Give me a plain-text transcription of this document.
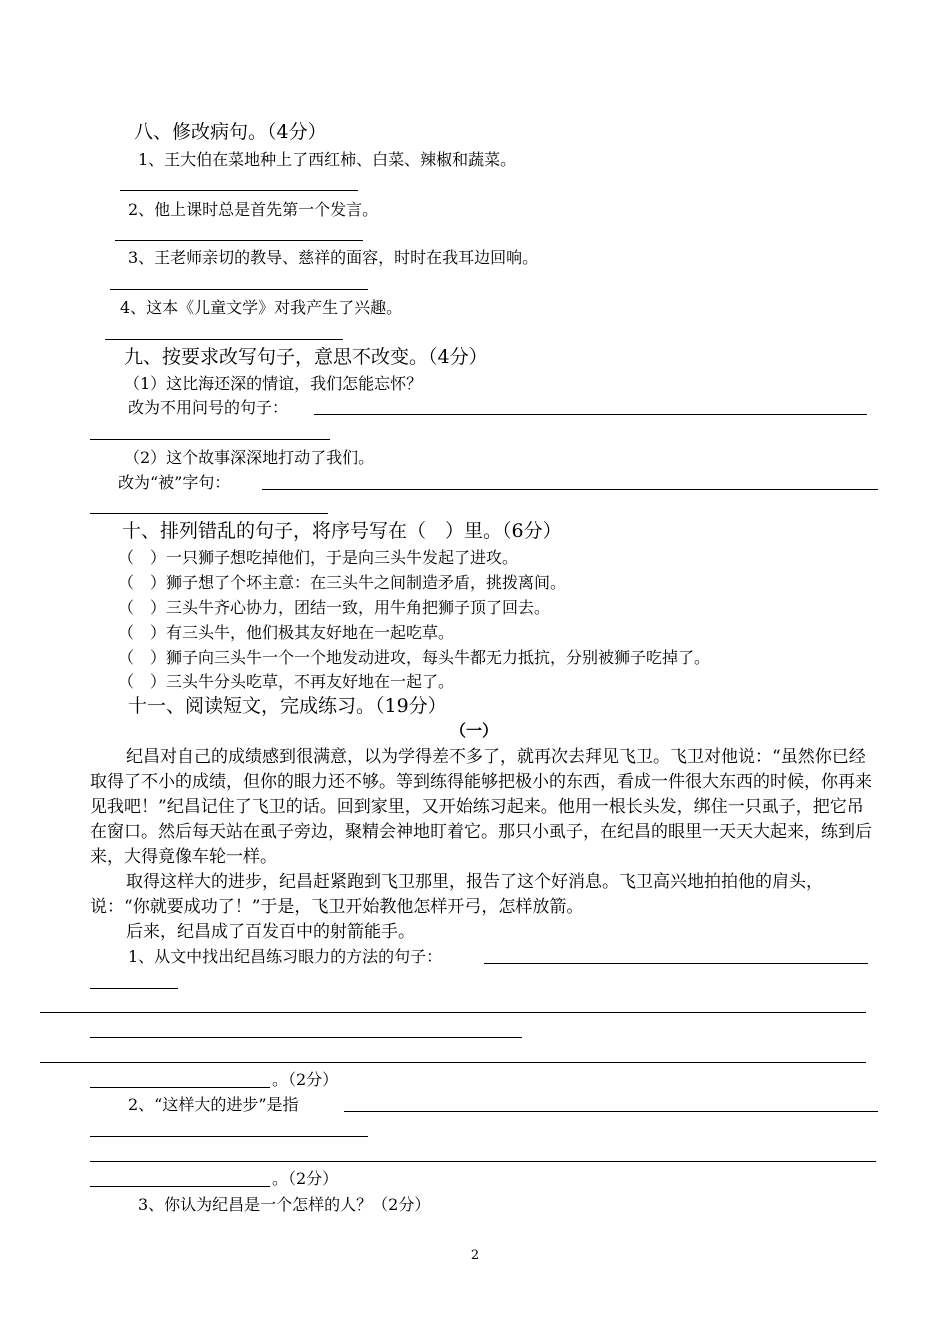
八、修改病句。（4分）
1、王大伯在菜地种上了西红柿、白菜、辣椒和蔬菜。
2、他上课时总是首先第一个发言。
3、王老师亲切的教导、慈祥的面容，时时在我耳边回响。
4、这本《儿童文学》对我产生了兴趣。
九、按要求改写句子，意思不改变。（4分）
（1）这比海还深的情谊，我们怎能忘怀？
改为不用问号的句子：
（2）这个故事深深地打动了我们。
改为“被”字句：
十、排列错乱的句子，将序号写在（　）里。（6分）
（　）一只狮子想吃掉他们，于是向三头牛发起了进攻。
（　）狮子想了个坏主意：在三头牛之间制造矛盾，挑拨离间。
（　）三头牛齐心协力，团结一致，用牛角把狮子顶了回去。
（　）有三头牛，他们极其友好地在一起吃草。
（　）狮子向三头牛一个一个地发动进攻，每头牛都无力抵抗，分别被狮子吃掉了。
（　）三头牛分头吃草，不再友好地在一起了。
十一、阅读短文，完成练习。（19分）
（一）
纪昌对自己的成绩感到很满意，以为学得差不多了，就再次去拜见飞卫。飞卫对他说：“虽然你已经取得了不小的成绩，但你的眼力还不够。等到练得能够把极小的东西，看成一件很大东西的时候，你再来见我吧！”纪昌记住了飞卫的话。回到家里，又开始练习起来。他用一根长头发，绑住一只虱子，把它吊在窗口。然后每天站在虱子旁边，聚精会神地盯着它。那只小虱子，在纪昌的眼里一天天大起来，练到后来，大得竟像车轮一样。
取得这样大的进步，纪昌赶紧跑到飞卫那里，报告了这个好消息。飞卫高兴地拍拍他的肩头，说：“你就要成功了！”于是，飞卫开始教他怎样开弓，怎样放箭。
后来，纪昌成了百发百中的射箭能手。
1、从文中找出纪昌练习眼力的方法的句子：
。（2分）
2、“这样大的进步”是指
。（2分）
3、你认为纪昌是一个怎样的人？（2分）
2
